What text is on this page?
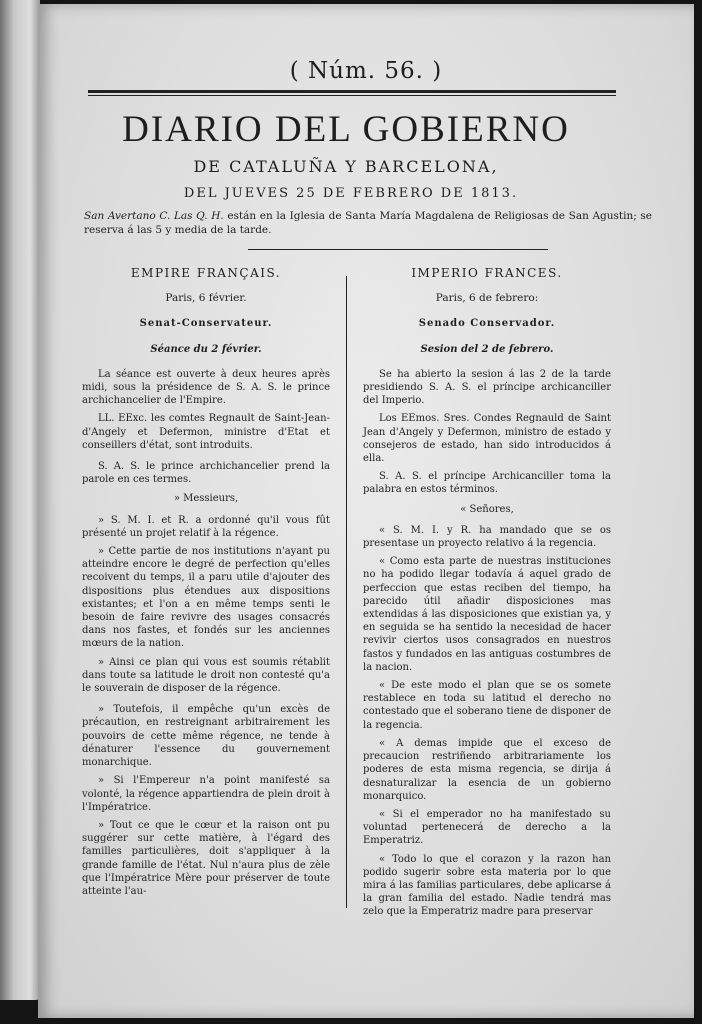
( Núm. 56. )
DIARIO DEL GOBIERNO
DE CATALUÑA Y BARCELONA,
DEL JUEVES 25 DE FEBRERO DE 1813.
San Avertano C. Las Q. H. están en la Iglesia de Santa María Magdalena de Religiosas de San Agustin; se reserva á las 5 y media de la tarde.
EMPIRE FRANÇAIS.
Paris, 6 février.
Senat-Conservateur.
Séance du 2 février.

La séance est ouverte à deux heures après midi, sous la présidence de S. A. S. le prince archichancelier de l'Empire.

LL. EExc. les comtes Regnault de Saint-Jean-d'Angely et Defermon, ministre d'Etat et conseillers d'état, sont introduits.

S. A. S. le prince archichancelier prend la parole en ces termes.

» Messieurs,

» S. M. I. et R. a ordonné qu'il vous fût présenté un projet relatif à la régence.

» Cette partie de nos institutions n'ayant pu atteindre encore le degré de perfection qu'elles recoivent du temps, il a paru utile d'ajouter des dispositions plus étendues aux dispositions existantes; et l'on a en même temps senti le besoin de faire revivre des usages consacrés dans nos fastes, et fondés sur les anciennes mœurs de la nation.

» Ainsi ce plan qui vous est soumis rétablit dans toute sa latitude le droit non contesté qu'a le souverain de disposer de la régence.

» Toutefois, il empêche qu'un excès de précaution, en restreignant arbitrairement les pouvoirs de cette même régence, ne tende à dénaturer l'essence du gouvernement monarchique.

» Si l'Empereur n'a point manifesté sa volonté, la régence appartiendra de plein droit à l'Impératrice.

» Tout ce que le cœur et la raison ont pu suggérer sur cette matière, à l'égard des familles particulières, doit s'appliquer à la grande famille de l'état. Nul n'aura plus de zèle que l'Impératrice Mère pour préserver de toute atteinte l'au-

IMPERIO FRANCES.
Paris, 6 de febrero:
Senado Conservador.
Sesion del 2 de febrero.

Se ha abierto la sesion á las 2 de la tarde presidiendo S. A. S. el príncipe archicanciller del Imperio.

Los EEmos. Sres. Condes Regnauld de Saint Jean d'Angely y Defermon, ministro de estado y consejeros de estado, han sido introducidos á ella.

S. A. S. el príncipe Archicanciller toma la palabra en estos términos.

« Señores,

« S. M. I. y R. ha mandado que se os presentase un proyecto relativo á la regencia.

« Como esta parte de nuestras instituciones no ha podido llegar todavía á aquel grado de perfeccion que estas reciben del tiempo, ha parecido útil añadir disposiciones mas extendidas á las disposiciones que existian ya, y en seguida se ha sentido la necesidad de hacer revivir ciertos usos consagrados en nuestros fastos y fundados en las antiguas costumbres de la nacion.

« De este modo el plan que se os somete restablece en toda su latitud el derecho no contestado que el soberano tiene de disponer de la regencia.

« A demas impide que el exceso de precaucion restriñendo arbitrariamente los poderes de esta misma regencia, se dirija á desnaturalizar la esencia de un gobierno monarquico.

« Si el emperador no ha manifestado su voluntad pertenecerá de derecho a la Emperatriz.

« Todo lo que el corazon y la razon han podido sugerir sobre esta materia por lo que mira á las familias particulares, debe aplicarse á la gran familia del estado. Nadie tendrá mas zelo que la Emperatriz madre para preservar
